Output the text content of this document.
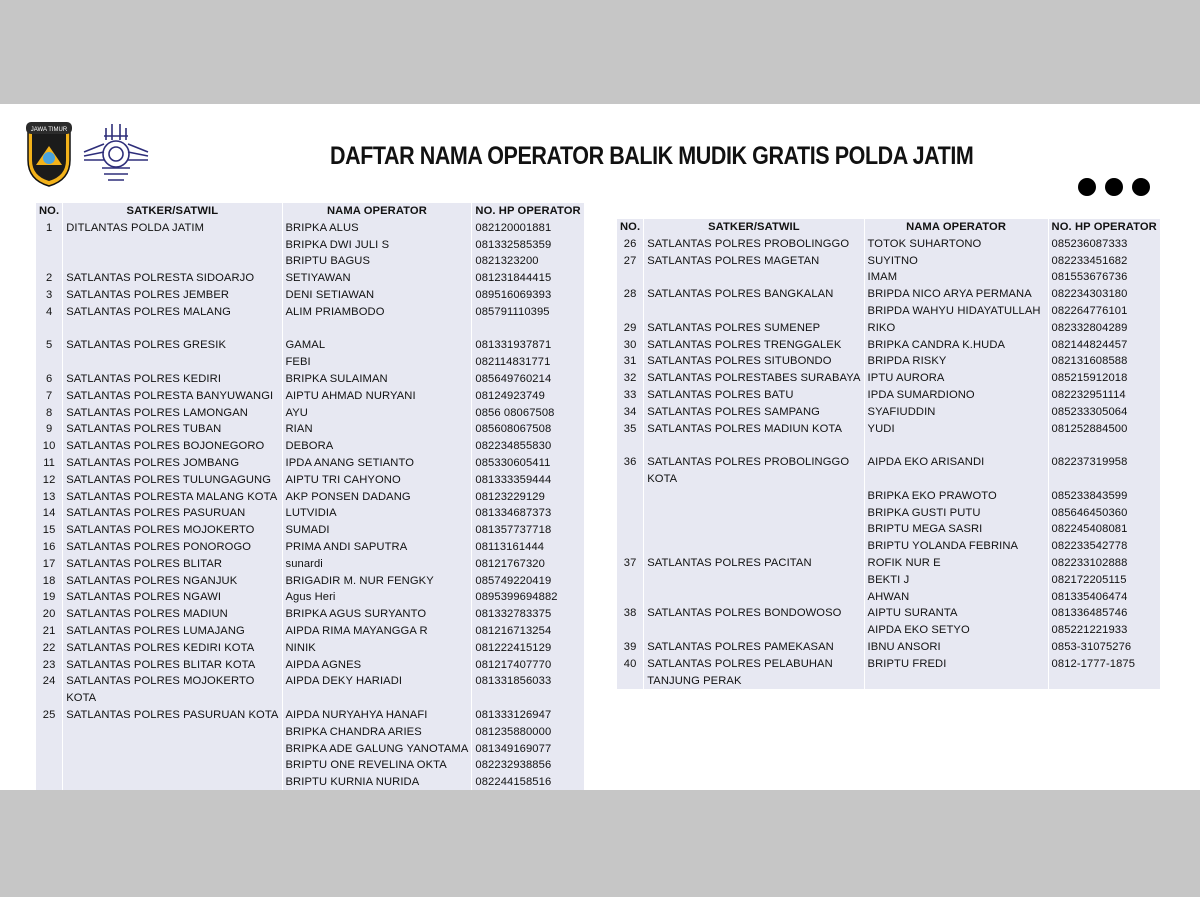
JAWA TIMUR
DAFTAR NAMA OPERATOR BALIK MUDIK GRATIS POLDA JATIM
NO.	SATKER/SATWIL	NAMA OPERATOR	NO. HP OPERATOR
1	DITLANTAS POLDA JATIM	BRIPKA ALUS	082120001881
		BRIPKA DWI JULI S	081332585359
		BRIPTU BAGUS	0821323200
2	SATLANTAS POLRESTA SIDOARJO	SETIYAWAN	081231844415
3	SATLANTAS POLRES JEMBER	DENI SETIAWAN	089516069393
4	SATLANTAS POLRES MALANG	ALIM PRIAMBODO	085791110395

5	SATLANTAS POLRES GRESIK	GAMAL	081331937871
		FEBI	082114831771
6	SATLANTAS POLRES KEDIRI	BRIPKA SULAIMAN	085649760214
7	SATLANTAS POLRESTA BANYUWANGI	AIPTU AHMAD NURYANI	08124923749
8	SATLANTAS POLRES LAMONGAN	AYU	0856 08067508
9	SATLANTAS POLRES TUBAN	RIAN	085608067508
10	SATLANTAS POLRES BOJONEGORO	DEBORA	082234855830
11	SATLANTAS POLRES JOMBANG	IPDA ANANG SETIANTO	085330605411
12	SATLANTAS POLRES TULUNGAGUNG	AIPTU TRI CAHYONO	081333359444
13	SATLANTAS POLRESTA MALANG KOTA	AKP PONSEN DADANG	08123229129
14	SATLANTAS POLRES PASURUAN	LUTVIDIA	081334687373
15	SATLANTAS POLRES MOJOKERTO	SUMADI	081357737718
16	SATLANTAS POLRES PONOROGO	PRIMA ANDI SAPUTRA	08113161444
17	SATLANTAS POLRES BLITAR	sunardi	08121767320
18	SATLANTAS POLRES NGANJUK	BRIGADIR M. NUR FENGKY	085749220419
19	SATLANTAS POLRES NGAWI	Agus Heri	0895399694882
20	SATLANTAS POLRES MADIUN	BRIPKA AGUS SURYANTO	081332783375
21	SATLANTAS POLRES LUMAJANG	AIPDA RIMA MAYANGGA R	081216713254
22	SATLANTAS POLRES KEDIRI KOTA	NINIK	081222415129
23	SATLANTAS POLRES BLITAR KOTA	AIPDA AGNES	081217407770
24	SATLANTAS POLRES MOJOKERTO KOTA	AIPDA DEKY HARIADI	081331856033
25	SATLANTAS POLRES PASURUAN KOTA	AIPDA NURYAHYA HANAFI	081333126947
		BRIPKA CHANDRA ARIES	081235880000
		BRIPKA ADE GALUNG YANOTAMA	081349169077
		BRIPTU ONE REVELINA OKTA	082232938856
		BRIPTU KURNIA NURIDA	082244158516
NO.	SATKER/SATWIL	NAMA OPERATOR	NO. HP OPERATOR
26	SATLANTAS POLRES PROBOLINGGO	TOTOK SUHARTONO	085236087333
27	SATLANTAS POLRES MAGETAN	SUYITNO	082233451682
		IMAM	081553676736
28	SATLANTAS POLRES BANGKALAN	BRIPDA NICO ARYA PERMANA	082234303180
		BRIPDA WAHYU HIDAYATULLAH	082264776101
29	SATLANTAS POLRES SUMENEP	RIKO	082332804289
30	SATLANTAS POLRES TRENGGALEK	BRIPKA CANDRA K.HUDA	082144824457
31	SATLANTAS POLRES SITUBONDO	BRIPDA RISKY	082131608588
32	SATLANTAS POLRESTABES SURABAYA	IPTU AURORA	085215912018
33	SATLANTAS POLRES BATU	IPDA SUMARDIONO	082232951114
34	SATLANTAS POLRES SAMPANG	SYAFIUDDIN	085233305064
35	SATLANTAS POLRES MADIUN KOTA	YUDI	081252884500

36	SATLANTAS POLRES PROBOLINGGO KOTA	AIPDA EKO ARISANDI	082237319958
		BRIPKA EKO PRAWOTO	085233843599
		BRIPKA GUSTI PUTU	085646450360
		BRIPTU MEGA SASRI	082245408081
		BRIPTU YOLANDA FEBRINA	082233542778
37	SATLANTAS POLRES PACITAN	ROFIK NUR E	082233102888
		BEKTI J	082172205115
		AHWAN	081335406474
38	SATLANTAS POLRES BONDOWOSO	AIPTU SURANTA	081336485746
		AIPDA EKO SETYO	085221221933
39	SATLANTAS POLRES PAMEKASAN	IBNU ANSORI	0853-31075276
40	SATLANTAS POLRES PELABUHAN TANJUNG PERAK	BRIPTU FREDI	0812-1777-1875
